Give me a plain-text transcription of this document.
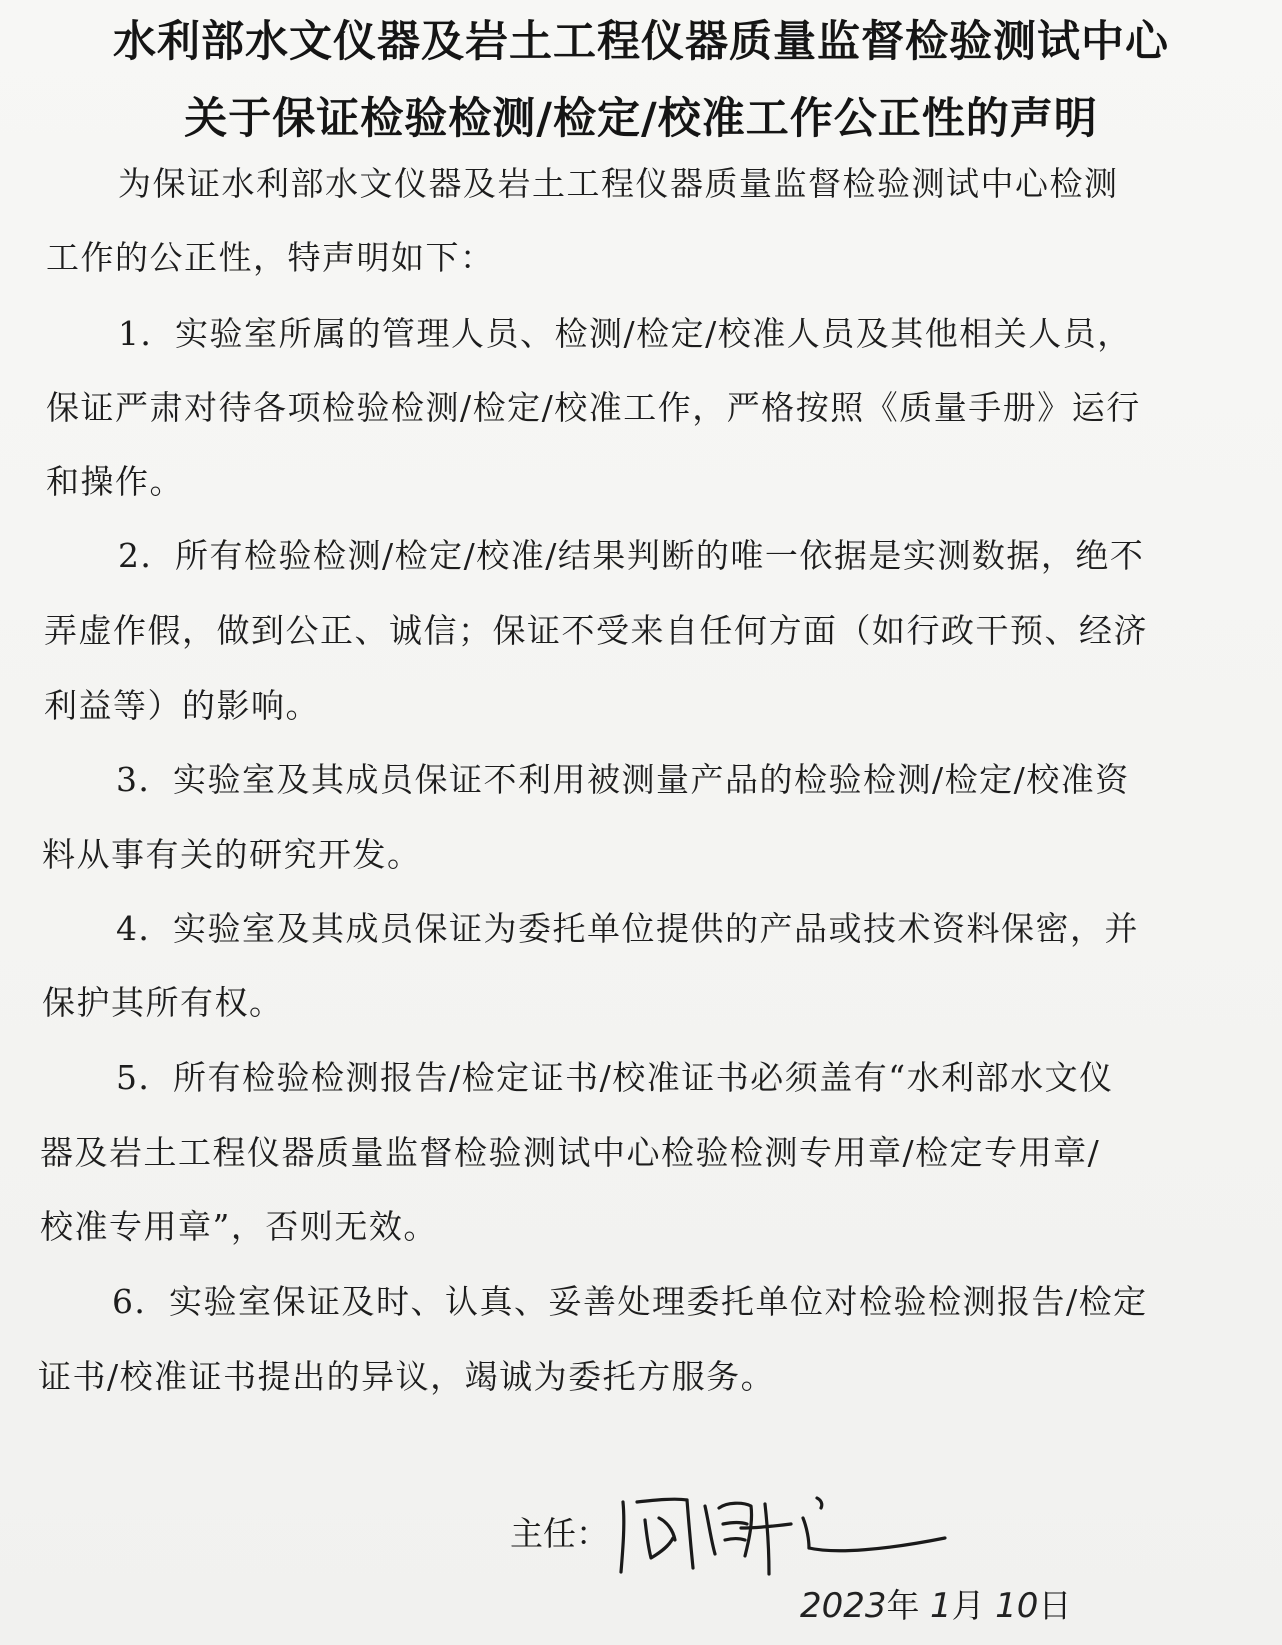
水利部水文仪器及岩土工程仪器质量监督检验测试中心
关于保证检验检测/检定/校准工作公正性的声明
为保证水利部水文仪器及岩土工程仪器质量监督检验测试中心检测
工作的公正性，特声明如下：
1．实验室所属的管理人员、检测/检定/校准人员及其他相关人员，
保证严肃对待各项检验检测/检定/校准工作，严格按照《质量手册》运行
和操作。
2．所有检验检测/检定/校准/结果判断的唯一依据是实测数据，绝不
弄虚作假，做到公正、诚信；保证不受来自任何方面（如行政干预、经济
利益等）的影响。
3．实验室及其成员保证不利用被测量产品的检验检测/检定/校准资
料从事有关的研究开发。
4．实验室及其成员保证为委托单位提供的产品或技术资料保密，并
保护其所有权。
5．所有检验检测报告/检定证书/校准证书必须盖有“水利部水文仪
器及岩土工程仪器质量监督检验测试中心检验检测专用章/检定专用章/
校准专用章”，否则无效。
6．实验室保证及时、认真、妥善处理委托单位对检验检测报告/检定
证书/校准证书提出的异议，竭诚为委托方服务。
主任：
2023年 1月 10日
